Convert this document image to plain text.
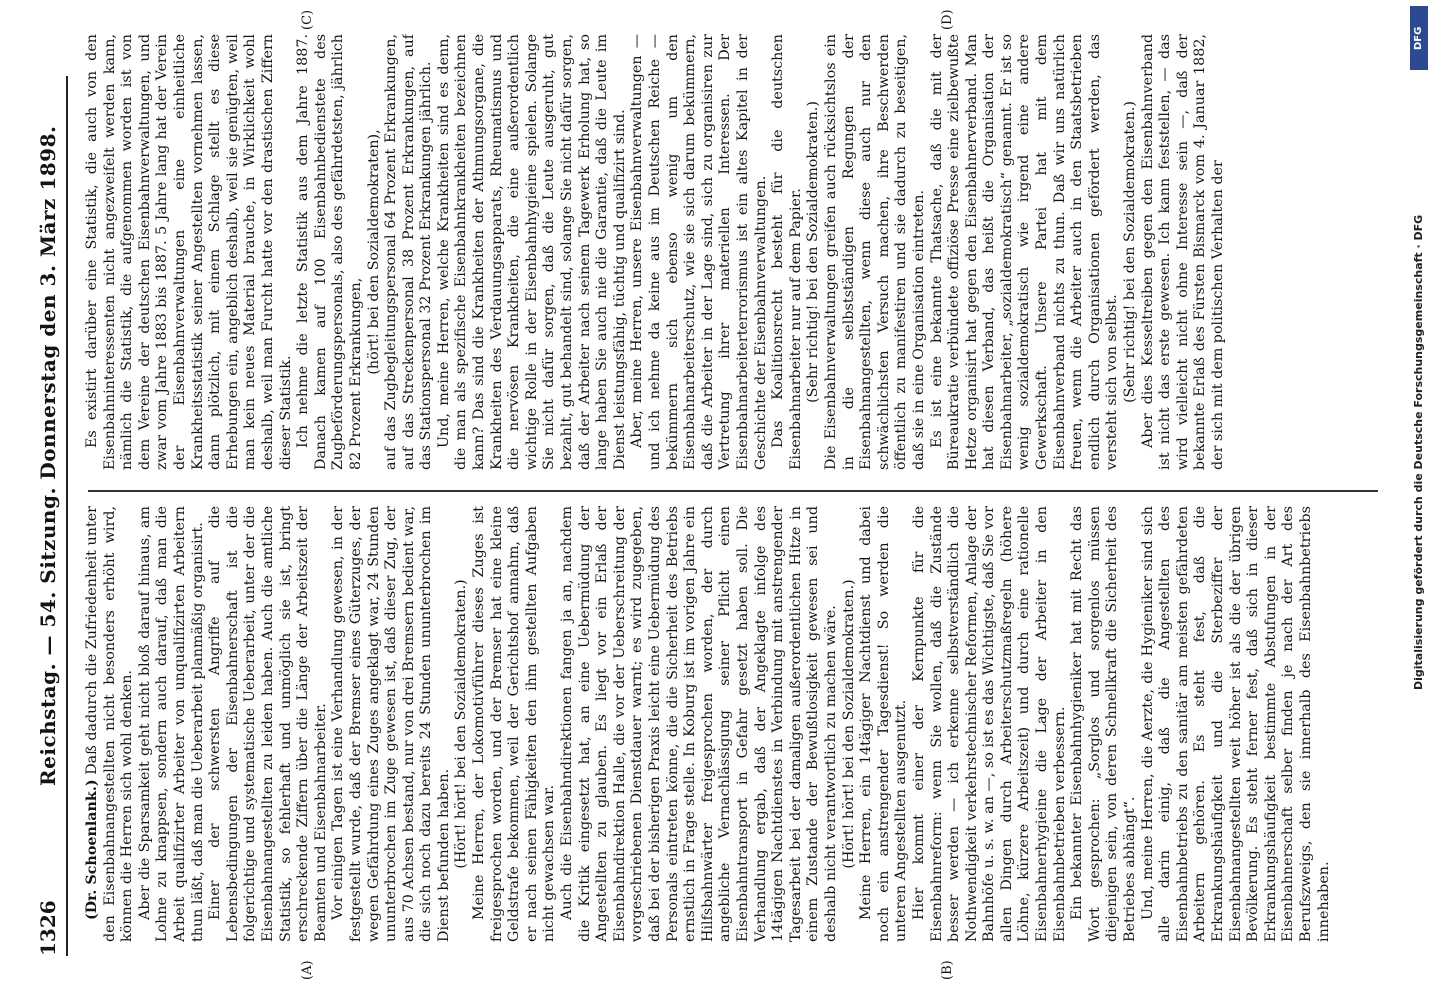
1326
Reichstag. — 54. Sitzung. Donnerstag den 3. März 1898.
(A)	(B)
(C)	(D)

(Dr. Schoenlank.) Daß dadurch die Zufriedenheit unter den Eisenbahnangestellten nicht besonders erhöht wird, können die Herren sich wohl denken. Aber die Sparsamkeit geht nicht bloß darauf hinaus, am Lohne zu knappsen, sondern auch darauf, daß man die Arbeit qualifizirter Arbeiter von unqualifizirten Arbeitern thun läßt, daß man die Ueberarbeit planmäßig organisirt. Einer der schwersten Angriffe auf die Lebensbedingungen der Eisenbahnerschaft ist die folgerichtige und systematische Ueberarbeit, unter der die Eisenbahnangestellten zu leiden haben. Auch die amtliche Statistik, so fehlerhaft und unmöglich sie ist, bringt erschreckende Ziffern über die Länge der Arbeitszeit der Beamten und Eisenbahnarbeiter. Vor einigen Tagen ist eine Verhandlung gewesen, in der festgestellt wurde, daß der Bremser eines Güterzuges, der wegen Gefährdung eines Zuges angeklagt war, 24 Stunden ununterbrochen im Zuge gewesen ist, daß dieser Zug, der aus 70 Achsen bestand, nur von drei Bremsern bedient war, die sich noch dazu bereits 24 Stunden ununterbrochen im Dienst befunden haben. (Hört! hört! bei den Sozialdemokraten.) Meine Herren, der Lokomotivführer dieses Zuges ist freigesprochen worden, und der Bremser hat eine kleine Geldstrafe bekommen, weil der Gerichtshof annahm, daß er nach seinen Fähigkeiten den ihm gestellten Aufgaben nicht gewachsen war. Auch die Eisenbahndirektionen fangen ja an, nachdem die Kritik eingesetzt hat, an eine Uebermüdung der Angestellten zu glauben. Es liegt vor ein Erlaß der Eisenbahndirektion Halle, die vor der Ueberschreitung der vorgeschriebenen Dienstdauer warnt; es wird zugegeben, daß bei der bisherigen Praxis leicht eine Uebermüdung des Personals eintreten könne, die die Sicherheit des Betriebs ernstlich in Frage stelle. In Koburg ist im vorigen Jahre ein Hilfsbahnwärter freigesprochen worden, der durch angebliche Vernachlässigung seiner Pflicht einen Eisenbahntransport in Gefahr gesetzt haben soll. Die Verhandlung ergab, daß der Angeklagte infolge des 14tägigen Nachtdienstes in Verbindung mit anstrengender Tagesarbeit bei der damaligen außerordentlichen Hitze in einem Zustande der Bewußtlosigkeit gewesen sei und deshalb nicht verantwortlich zu machen wäre. (Hört! hört! bei den Sozialdemokraten.) Meine Herren, ein 14tägiger Nachtdienst und dabei noch ein anstrengender Tagesdienst! So werden die unteren Angestellten ausgenutzt. Hier kommt einer der Kernpunkte für die Eisenbahnreform: wenn Sie wollen, daß die Zustände besser werden — ich erkenne selbstverständlich die Nothwendigkeit verkehrstechnischer Reformen, Anlage der Bahnhöfe u. s. w. an —, so ist es das Wichtigste, daß Sie vor allen Dingen durch Arbeiterschutzmaßregeln (höhere Löhne, kürzere Arbeitszeit) und durch eine rationelle Eisenbahnerhygieine die Lage der Arbeiter in den Eisenbahnbetrieben verbessern. Ein bekannter Eisenbahnhygieniker hat mit Recht das Wort gesprochen: „Sorglos und sorgenlos müssen diejenigen sein, von deren Schnellkraft die Sicherheit des Betriebes abhängt“. Und, meine Herren, die Aerzte, die Hygieniker sind sich alle darin einig, daß die Angestellten des Eisenbahnbetriebs zu den sanitär am meisten gefährdeten Arbeitern gehören. Es steht fest, daß die Erkrankungshäufigkeit und die Sterbeziffer der Eisenbahnangestellten weit höher ist als die der übrigen Bevölkerung. Es steht ferner fest, daß sich in dieser Erkrankungshäufigkeit bestimmte Abstufungen in der Eisenbahnerschaft selber finden je nach der Art des Berufszweigs, den sie innerhalb des Eisenbahnbetriebs innehaben.

Es existirt darüber eine Statistik, die auch von den Eisenbahninteressenten nicht angezweifelt werden kann, nämlich die Statistik, die aufgenommen worden ist von dem Vereine der deutschen Eisenbahnverwaltungen, und zwar vom Jahre 1883 bis 1887. 5 Jahre lang hat der Verein der Eisenbahnverwaltungen eine einheitliche Krankheitsstatistik seiner Angestellten vornehmen lassen, dann plötzlich, mit einem Schlage stellt es diese Erhebungen ein, angeblich deshalb, weil sie genügten, weil man kein neues Material brauche, in Wirklichkeit wohl deshalb, weil man Furcht hatte vor den drastischen Ziffern dieser Statistik. Ich nehme die letzte Statistik aus dem Jahre 1887. Danach kamen auf 100 Eisenbahnbedienstete des Zugbeförderungspersonals, also des gefährdetsten, jährlich 82 Prozent Erkrankungen, (hört! bei den Sozialdemokraten), auf das Zugbegleitungspersonal 64 Prozent Erkrankungen, auf das Streckenpersonal 38 Prozent Erkrankungen, auf das Stationspersonal 32 Prozent Erkrankungen jährlich. Und, meine Herren, welche Krankheiten sind es denn, die man als spezifische Eisenbahnkrankheiten bezeichnen kann? Das sind die Krankheiten der Athmungsorgane, die Krankheiten des Verdauungsapparats, Rheumatismus und die nervösen Krankheiten, die eine außerordentlich wichtige Rolle in der Eisenbahnhygieine spielen. Solange Sie nicht dafür sorgen, daß die Leute ausgeruht, gut bezahlt, gut behandelt sind, solange Sie nicht dafür sorgen, daß der Arbeiter nach seinem Tagewerk Erholung hat, so lange haben Sie auch nie die Garantie, daß die Leute im Dienst leistungsfähig, tüchtig und qualifizirt sind. Aber, meine Herren, unsere Eisenbahnverwaltungen — und ich nehme da keine aus im Deutschen Reiche — bekümmern sich ebenso wenig um den Eisenbahnarbeiterschutz, wie sie sich darum bekümmern, daß die Arbeiter in der Lage sind, sich zu organisiren zur Vertretung ihrer materiellen Interessen. Der Eisenbahnarbeiterterrorismus ist ein altes Kapitel in der Geschichte der Eisenbahnverwaltungen. Das Koalitionsrecht besteht für die deutschen Eisenbahnarbeiter nur auf dem Papier. (Sehr richtig! bei den Sozialdemokraten.) Die Eisenbahnverwaltungen greifen auch rücksichtslos ein in die selbstständigen Regungen der Eisenbahnangestellten, wenn diese auch nur den schwächlichsten Versuch machen, ihre Beschwerden öffentlich zu manifestiren und sie dadurch zu beseitigen, daß sie in eine Organisation eintreten. Es ist eine bekannte Thatsache, daß die mit der Büreaukratie verbündete offiziöse Presse eine zielbewußte Hetze organisirt hat gegen den Eisenbahnerverband. Man hat diesen Verband, das heißt die Organisation der Eisenbahnarbeiter, „sozialdemokratisch“ genannt. Er ist so wenig sozialdemokratisch wie irgend eine andere Gewerkschaft. Unsere Partei hat mit dem Eisenbahnverband nichts zu thun. Daß wir uns natürlich freuen, wenn die Arbeiter auch in den Staatsbetrieben endlich durch Organisationen gefördert werden, das versteht sich von selbst. (Sehr richtig! bei den Sozialdemokraten.) Aber dies Kesseltreiben gegen den Eisenbahnverband ist nicht das erste gewesen. Ich kann feststellen, — das wird vielleicht nicht ohne Interesse sein —, daß der bekannte Erlaß des Fürsten Bismarck vom 4. Januar 1882, der sich mit dem politischen Verhalten der

DFG
Digitalisierung gefördert durch die Deutsche Forschungsgemeinschaft · DFG
